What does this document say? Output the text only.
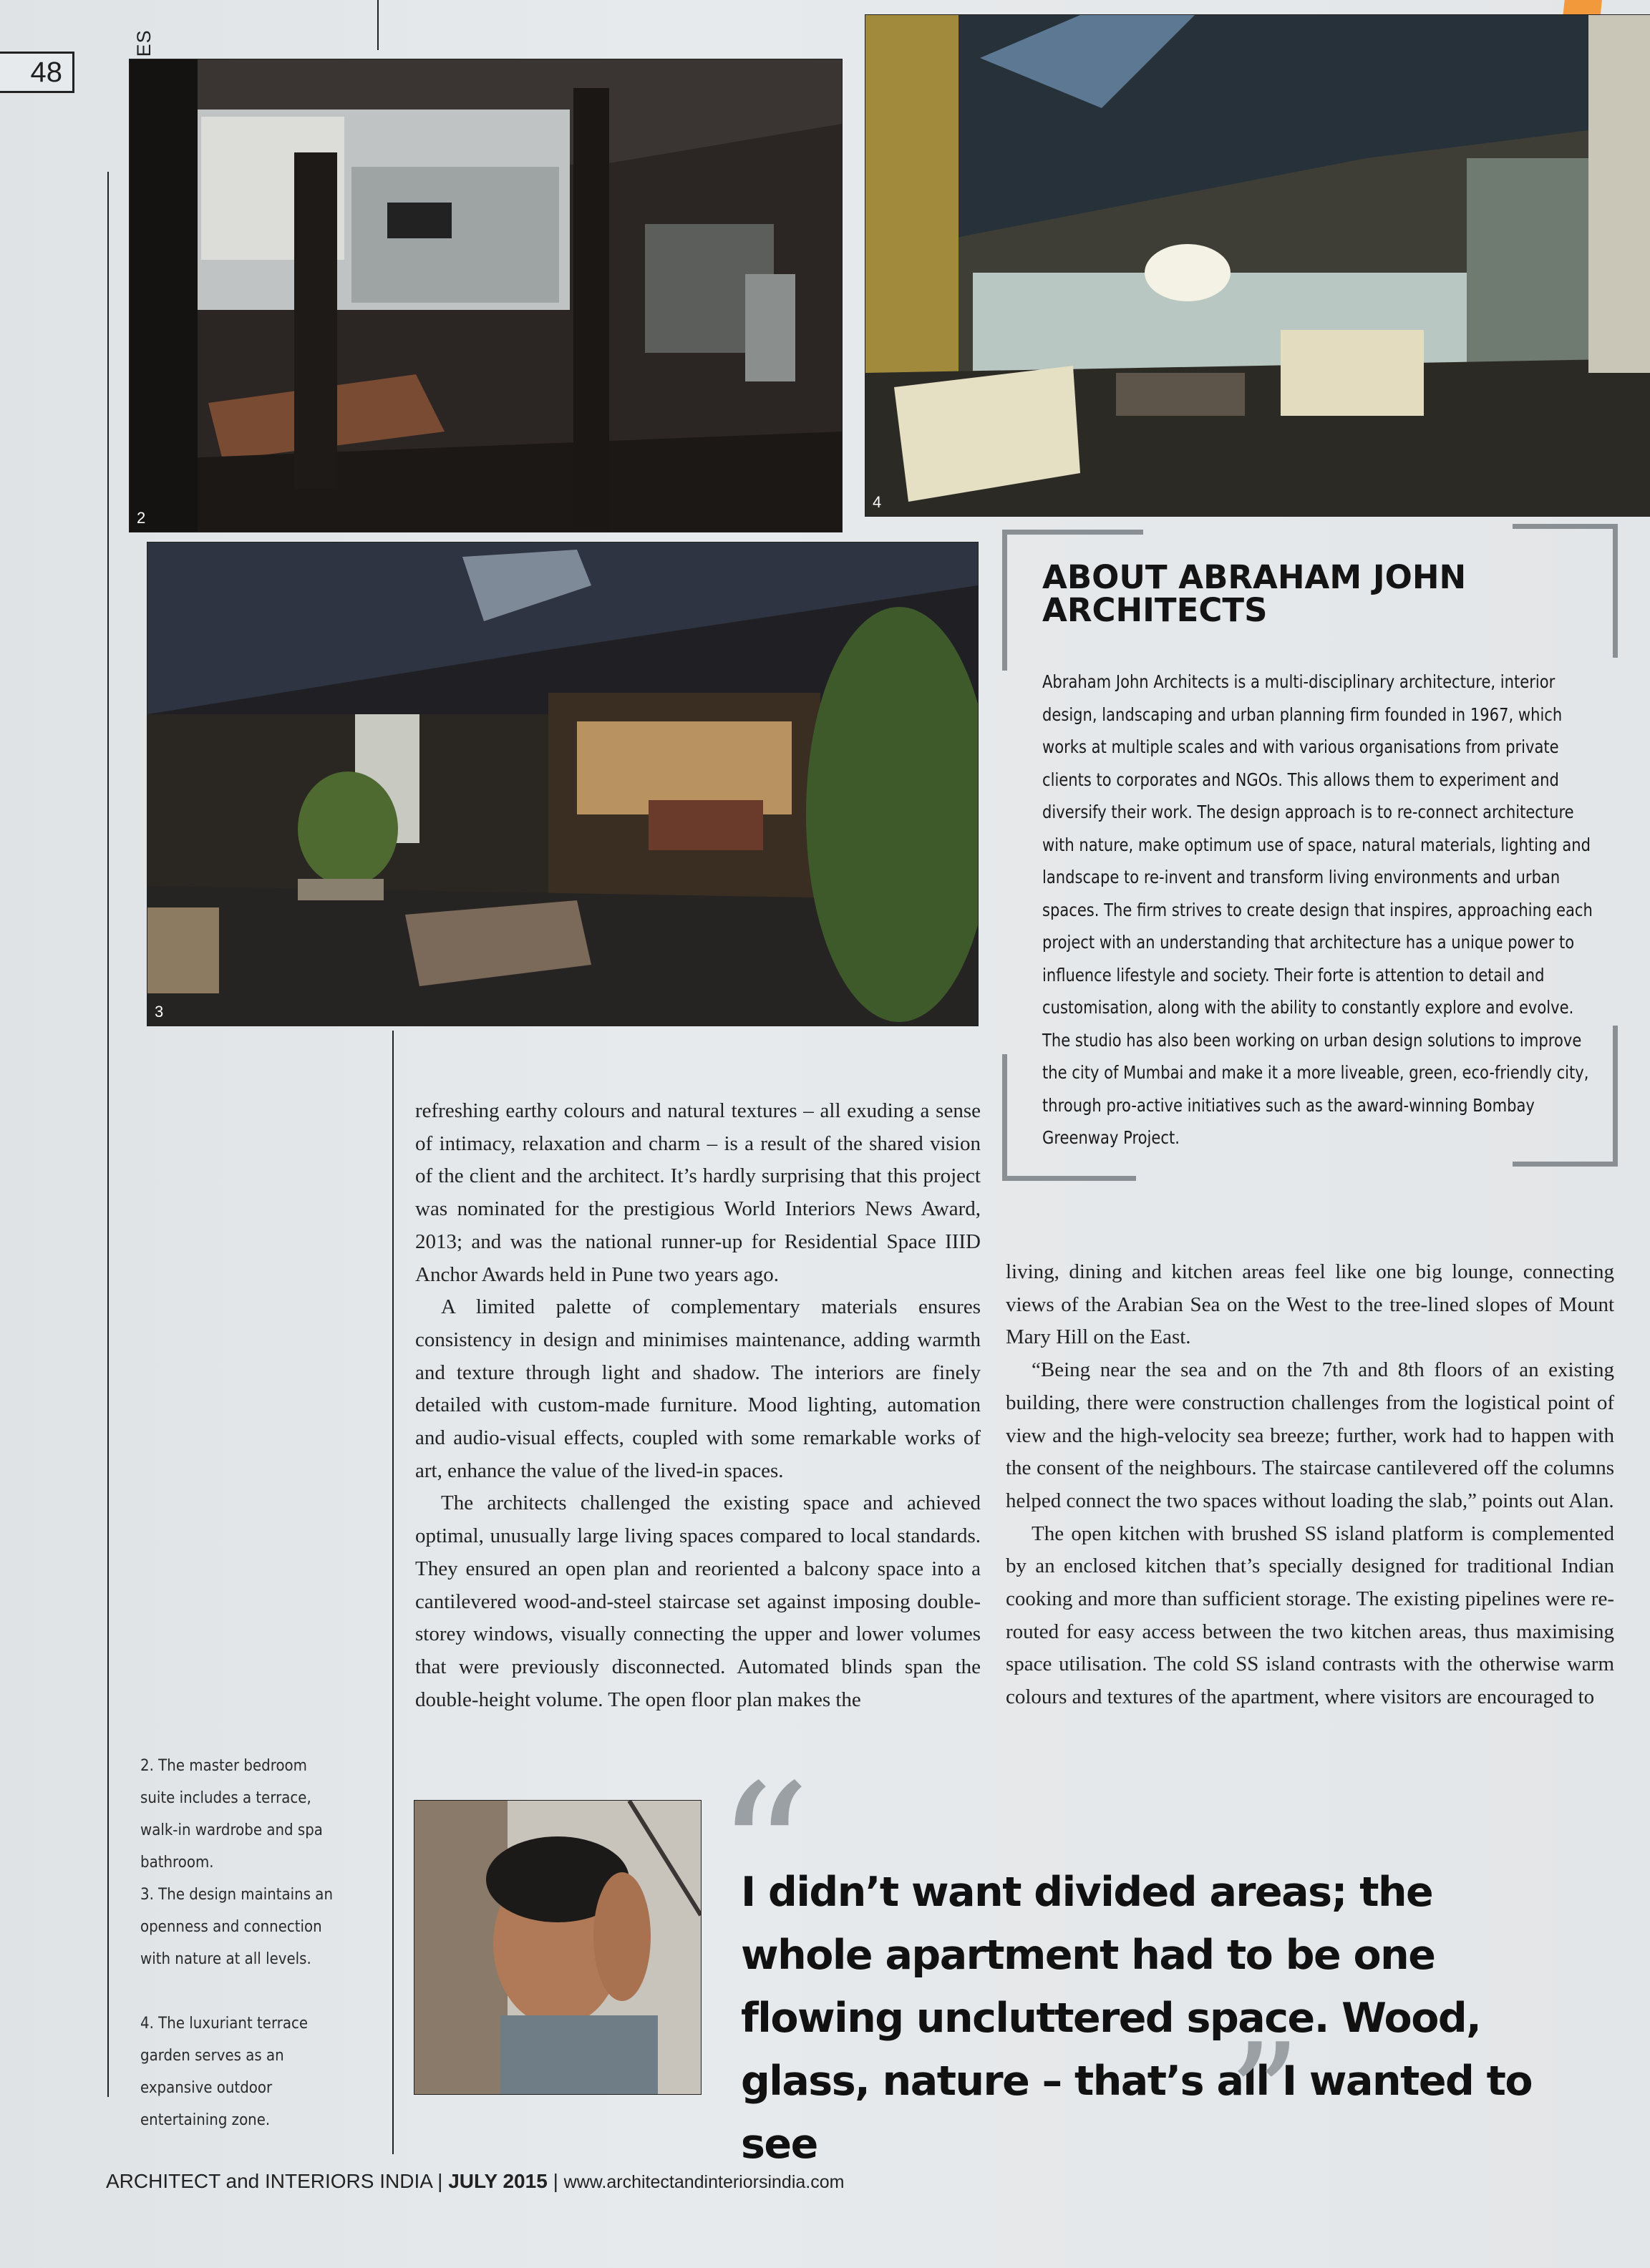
48
2
4
3
ABOUT ABRAHAM JOHN ARCHITECTS
Abraham John Architects is a multi-disciplinary architecture, interior design, landscaping and urban planning firm founded in 1967, which works at multiple scales and with various organisations from private clients to corporates and NGOs. This allows them to experiment and diversify their work. The design approach is to re-connect architecture with nature, make optimum use of space, natural materials, lighting and landscape to re-invent and transform living environments and urban spaces. The firm strives to create design that inspires, approaching each project with an understanding that architecture has a unique power to influence lifestyle and society. Their forte is attention to detail and customisation, along with the ability to constantly explore and evolve. The studio has also been working on urban design solutions to improve the city of Mumbai and make it a more liveable, green, eco-friendly city, through pro-active initiatives such as the award-winning Bombay Greenway Project.

refreshing earthy colours and natural textures – all exuding a sense of intimacy, relaxation and charm – is a result of the shared vision of the client and the architect. It’s hardly surprising that this project was nominated for the prestigious World Interiors News Award, 2013; and was the national runner-up for Residential Space IIID Anchor Awards held in Pune two years ago.

A limited palette of complementary materials ensures consistency in design and minimises maintenance, adding warmth and texture through light and shadow. The interiors are finely detailed with custom-made furniture. Mood lighting, automation and audio-visual effects, coupled with some remarkable works of art, enhance the value of the lived-in spaces.

The architects challenged the existing space and achieved optimal, unusually large living spaces compared to local standards. They ensured an open plan and reoriented a balcony space into a cantilevered wood-and-steel staircase set against imposing double-storey windows, visually connecting the upper and lower volumes that were previously disconnected. Automated blinds span the double-height volume. The open floor plan makes the

living, dining and kitchen areas feel like one big lounge, connecting views of the Arabian Sea on the West to the tree-lined slopes of Mount Mary Hill on the East.

“Being near the sea and on the 7th and 8th floors of an existing building, there were construction challenges from the logistical point of view and the high-velocity sea breeze; further, work had to happen with the consent of the neighbours. The staircase cantilevered off the columns helped connect the two spaces without loading the slab,” points out Alan.

The open kitchen with brushed SS island platform is complemented by an enclosed kitchen that’s specially designed for traditional Indian cooking and more than sufficient storage. The existing pipelines were re-routed for easy access between the two kitchen areas, thus maximising space utilisation. The cold SS island contrasts with the otherwise warm colours and textures of the apartment, where visitors are encouraged to

2. The master bedroom suite includes a terrace, walk-in wardrobe and spa bathroom.
3. The design maintains an openness and connection with nature at all levels.
4. The luxuriant terrace garden serves as an expansive outdoor entertaining zone.
“
I didn’t want divided areas; the whole apartment had to be one flowing uncluttered space. Wood, glass, nature – that’s all I wanted to see	”
ARCHITECT and INTERIORS INDIA | JULY 2015 | www.architectandinteriorsindia.com
